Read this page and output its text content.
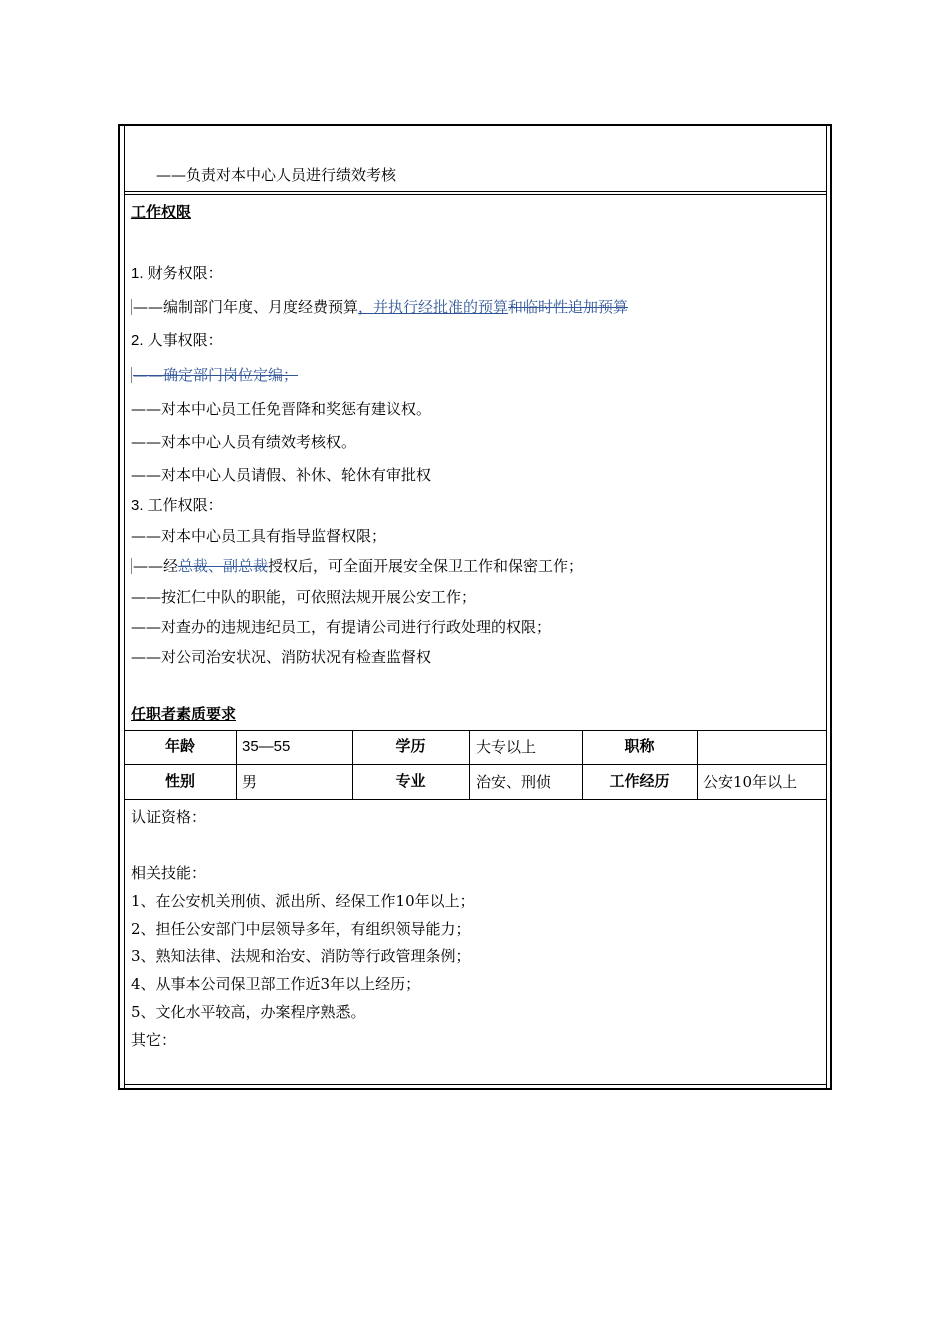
——负责对本中心人员进行绩效考核
工作权限
1. 财务权限：
——编制部门年度、月度经费预算，并执行经批准的预算和临时性追加预算
2. 人事权限：
——确定部门岗位定编；
——对本中心员工任免晋降和奖惩有建议权。
——对本中心人员有绩效考核权。
——对本中心人员请假、补休、轮休有审批权
3. 工作权限：
——对本中心员工具有指导监督权限；
——经总裁、副总裁授权后，可全面开展安全保卫工作和保密工作；
——按汇仁中队的职能，可依照法规开展公安工作；
——对查办的违规违纪员工，有提请公司进行行政处理的权限；
——对公司治安状况、消防状况有检查监督权
任职者素质要求
年龄	35—55	学历	大专以上	职称
性别	男	专业	治安、刑侦	工作经历	公安10年以上
认证资格：
相关技能：
1、在公安机关刑侦、派出所、经保工作10年以上；
2、担任公安部门中层领导多年，有组织领导能力；
3、熟知法律、法规和治安、消防等行政管理条例；
4、从事本公司保卫部工作近3年以上经历；
5、文化水平较高，办案程序熟悉。
其它：
